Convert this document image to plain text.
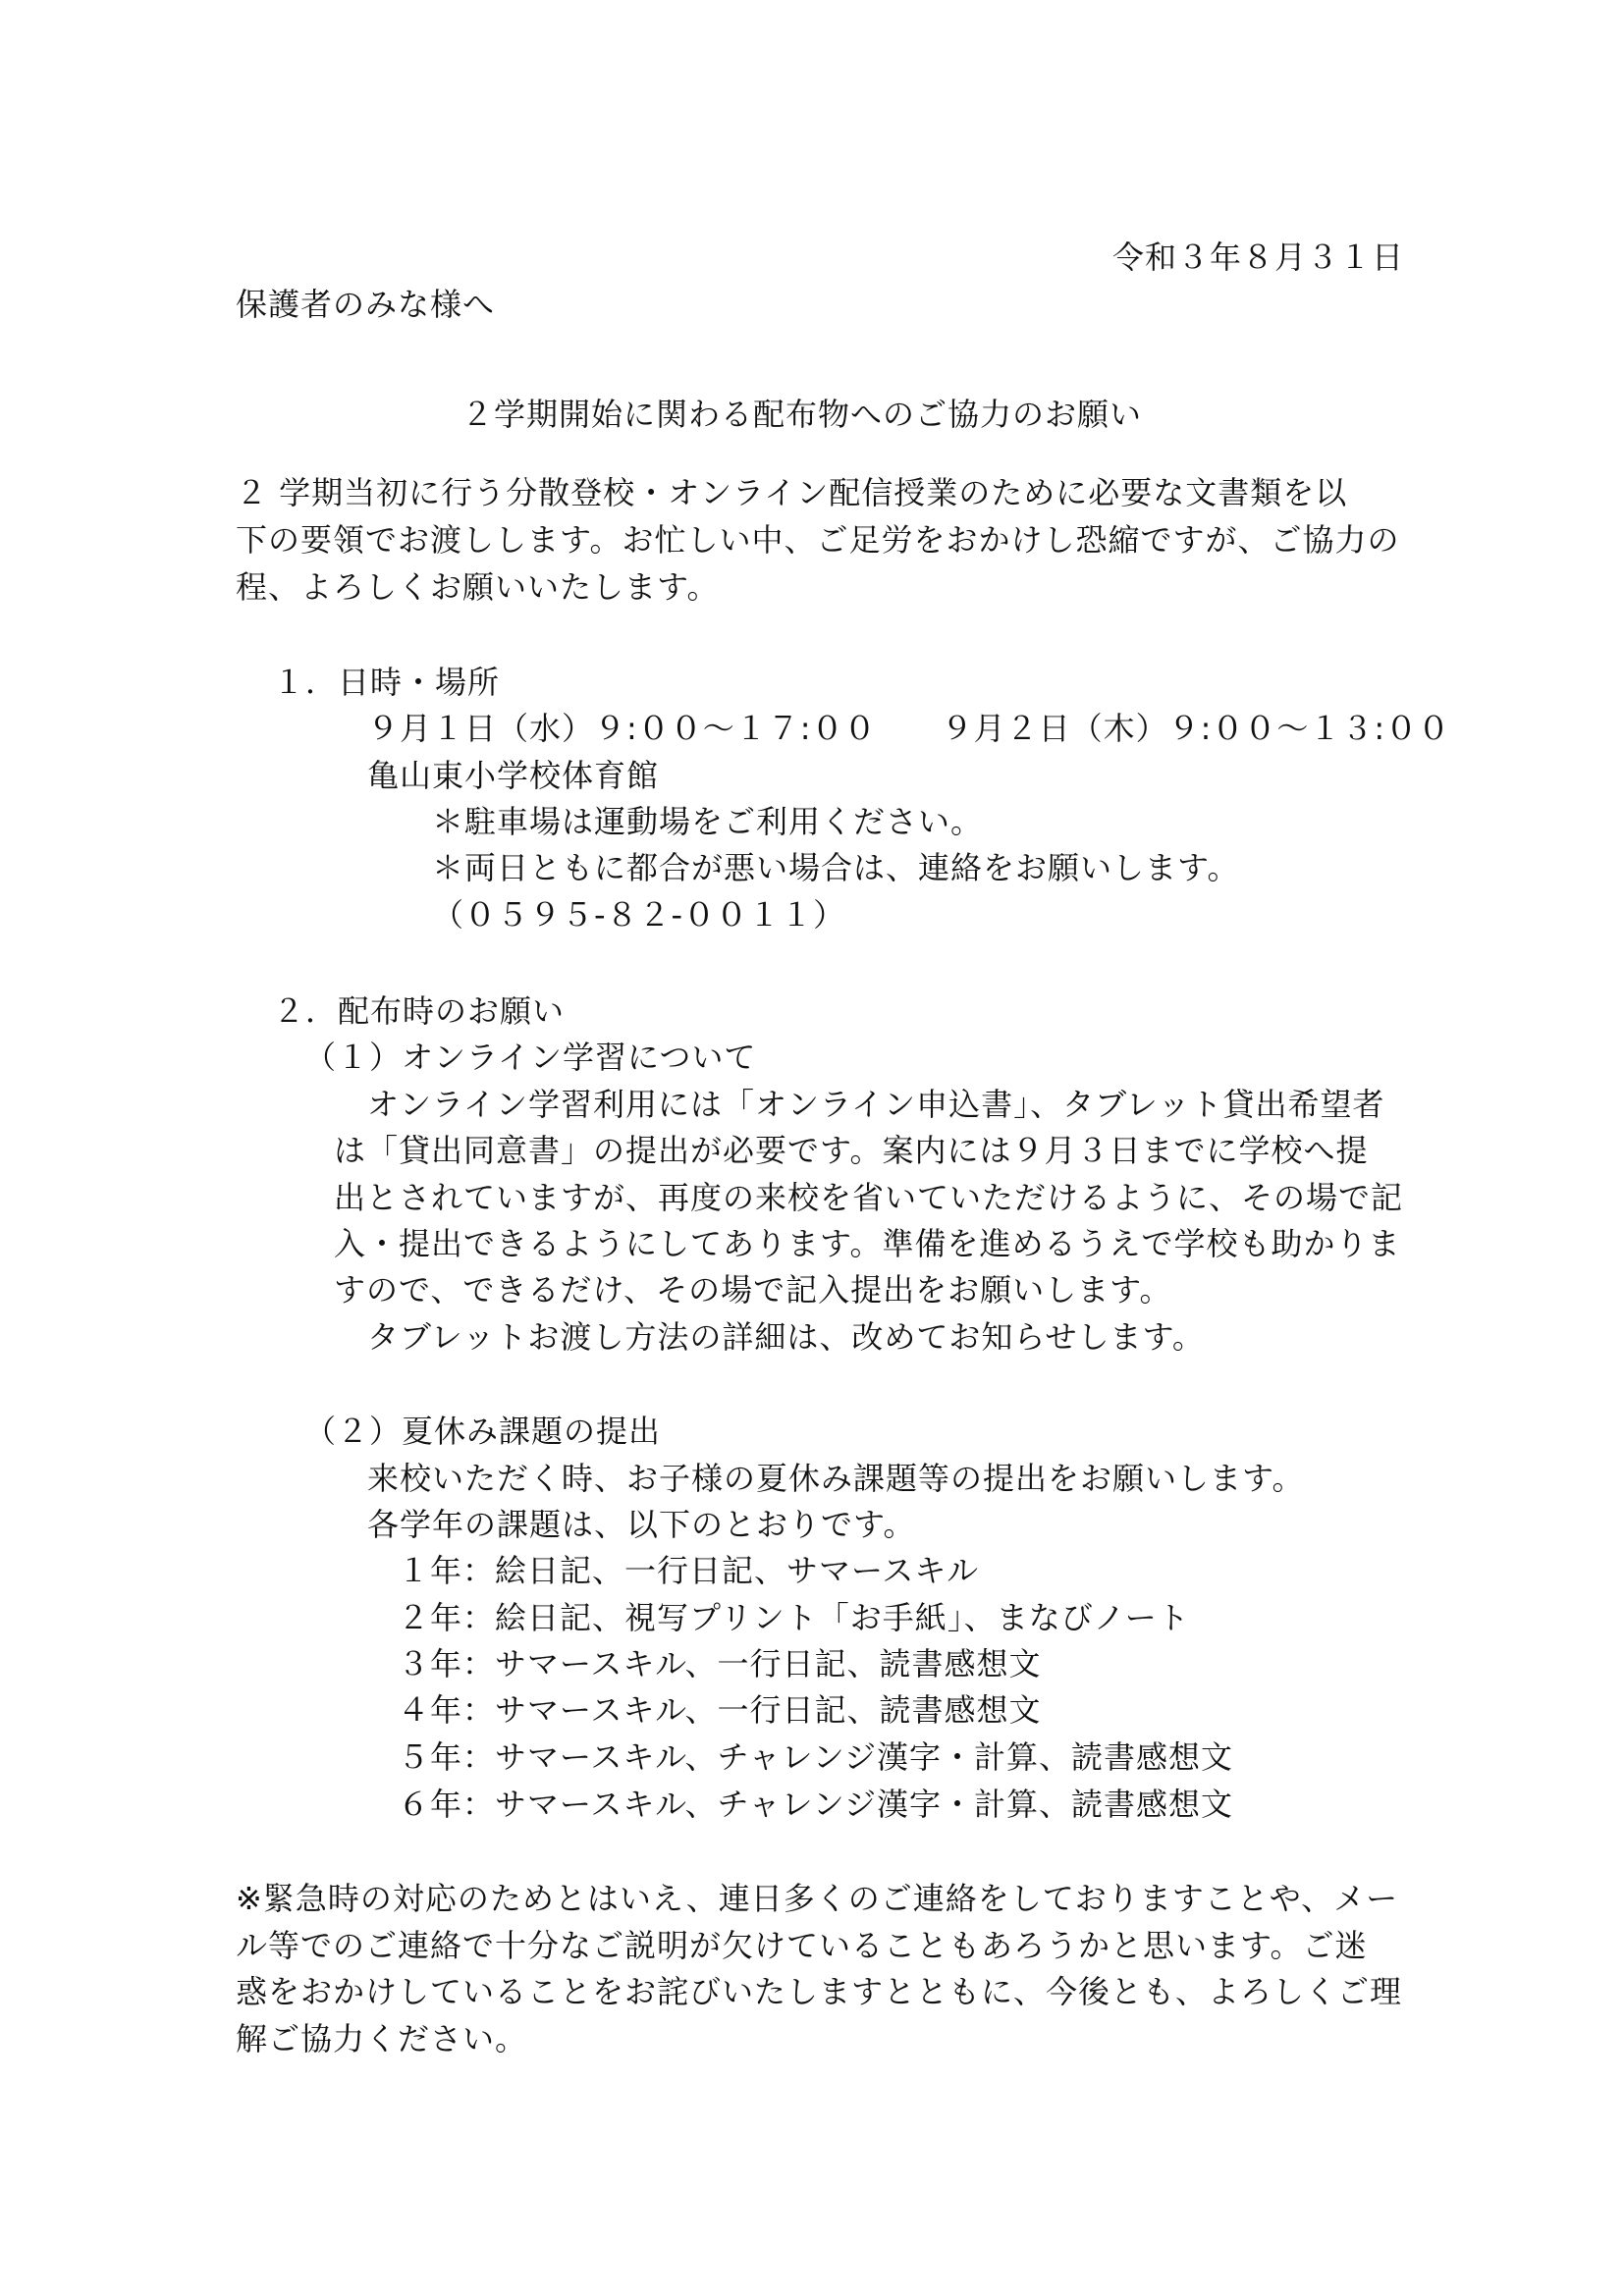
令和３年８月３１日
保護者のみな様へ
２学期開始に関わる配布物へのご協力のお願い
２ 学期当初に行う分散登校・オンライン配信授業のために必要な文書類を以
下の要領でお渡しします。お忙しい中、ご足労をおかけし恐縮ですが、ご協力の
程、よろしくお願いいたします。
１．日時・場所
９月１日（水）９:００～１７:００　　９月２日（木）９:００～１３:００
亀山東小学校体育館
＊駐車場は運動場をご利用ください。
＊両日ともに都合が悪い場合は、連絡をお願いします。
（０５９５-８２-００１１）
２．配布時のお願い
（１）オンライン学習について
オンライン学習利用には「オンライン申込書」、タブレット貸出希望者
は「貸出同意書」の提出が必要です。案内には９月３日までに学校へ提
出とされていますが、再度の来校を省いていただけるように、その場で記
入・提出できるようにしてあります。準備を進めるうえで学校も助かりま
すので、できるだけ、その場で記入提出をお願いします。
タブレットお渡し方法の詳細は、改めてお知らせします。
（２）夏休み課題の提出
来校いただく時、お子様の夏休み課題等の提出をお願いします。
各学年の課題は、以下のとおりです。
１年：絵日記、一行日記、サマースキル
２年：絵日記、視写プリント「お手紙」、まなびノート
３年：サマースキル、一行日記、読書感想文
４年：サマースキル、一行日記、読書感想文
５年：サマースキル、チャレンジ漢字・計算、読書感想文
６年：サマースキル、チャレンジ漢字・計算、読書感想文
※緊急時の対応のためとはいえ、連日多くのご連絡をしておりますことや、メー
ル等でのご連絡で十分なご説明が欠けていることもあろうかと思います。ご迷
惑をおかけしていることをお詫びいたしますとともに、今後とも、よろしくご理
解ご協力ください。
